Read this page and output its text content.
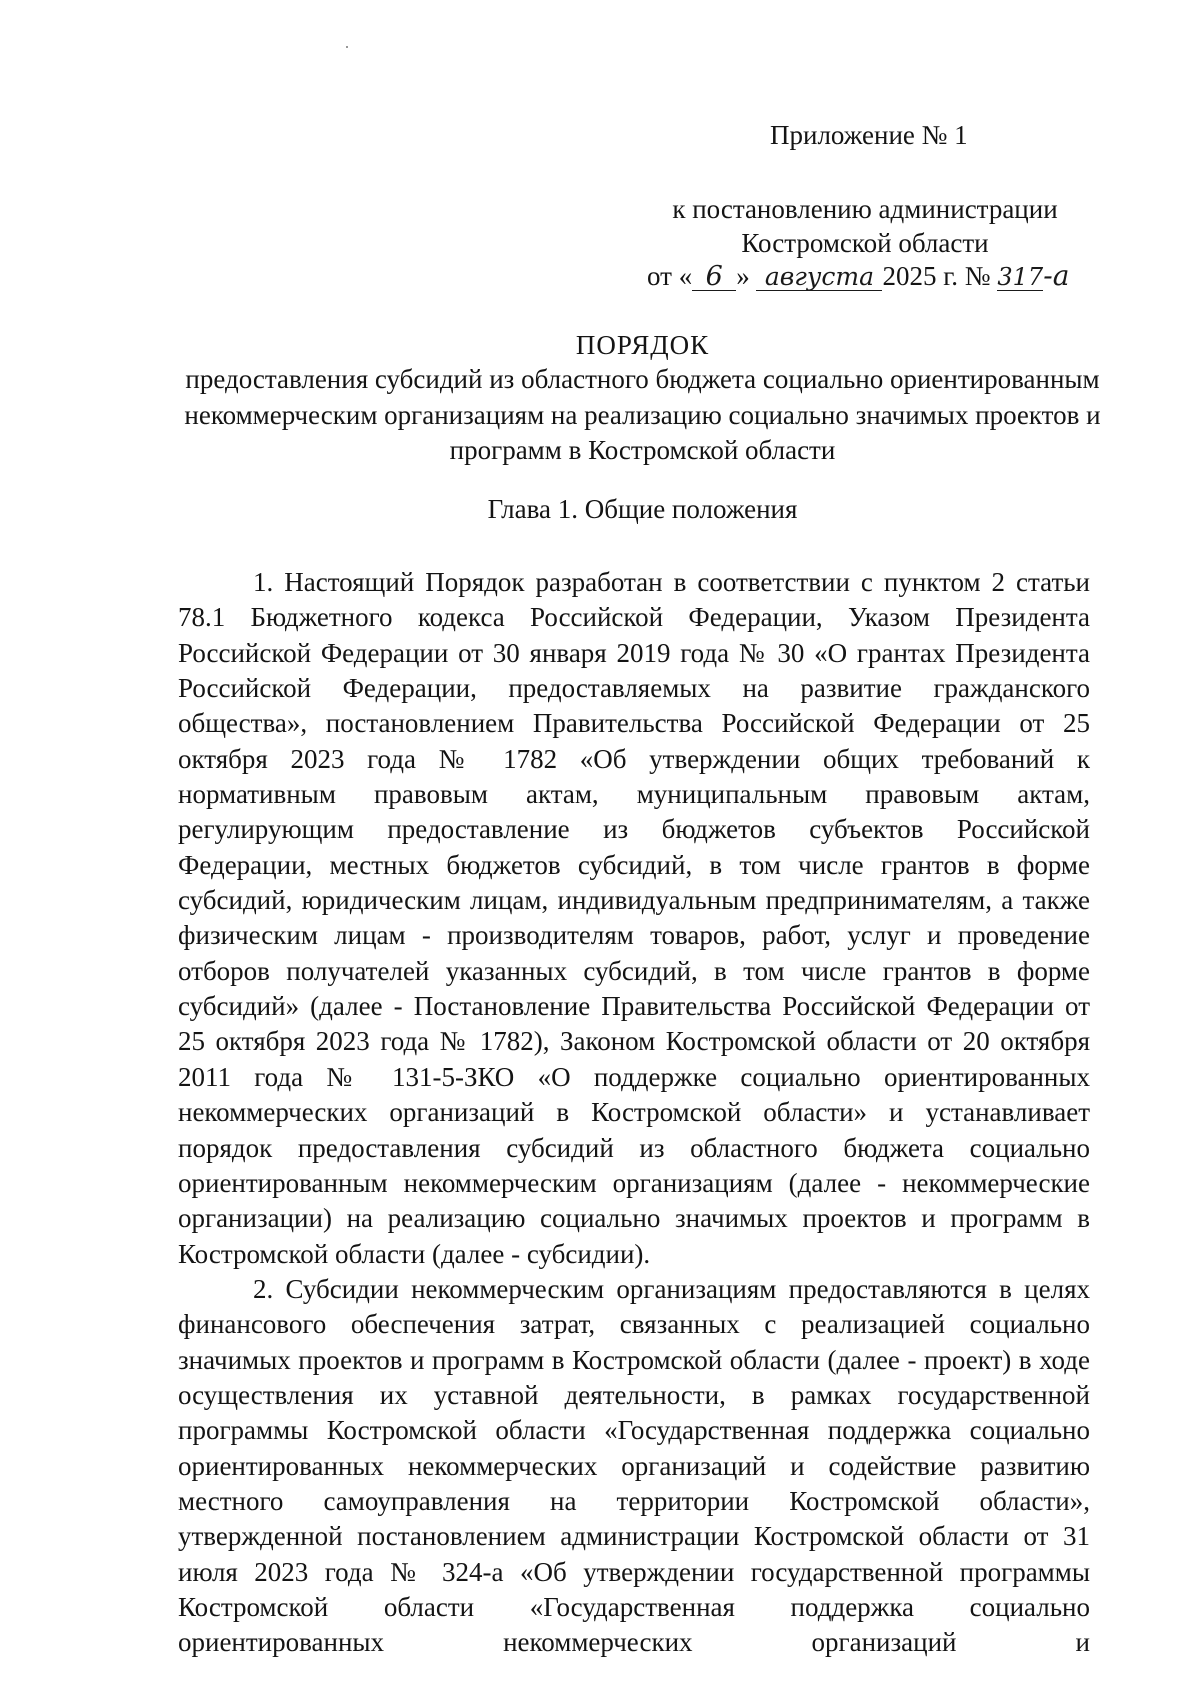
Приложение № 1
к постановлению администрации
Костромской области
от « 6 » августа 2025 г. № 317-а
ПОРЯДОК
предоставления субсидий из областного бюджета социально ориентированным некоммерческим организациям на реализацию социально значимых проектов и программ в Костромской области
Глава 1. Общие положения

1. Настоящий Порядок разработан в соответствии с пунктом 2 статьи 78.1 Бюджетного кодекса Российской Федерации, Указом Президента Российской Федерации от 30 января 2019 года № 30 «О грантах Президента Российской Федерации, предоставляемых на развитие гражданского общества», постановлением Правительства Российской Федерации от 25 октября 2023 года № 1782 «Об утверждении общих требований к нормативным правовым актам, муниципальным правовым актам, регулирующим предоставление из бюджетов субъектов Российской Федерации, местных бюджетов субсидий, в том числе грантов в форме субсидий, юридическим лицам, индивидуальным предпринимателям, а также физическим лицам - производителям товаров, работ, услуг и проведение отборов получателей указанных субсидий, в том числе грантов в форме субсидий» (далее - Постановление Правительства Российской Федерации от 25 октября 2023 года № 1782), Законом Костромской области от 20 октября 2011 года № 131-5-ЗКО «О поддержке социально ориентированных некоммерческих организаций в Костромской области» и устанавливает порядок предоставления субсидий из областного бюджета социально ориентированным некоммерческим организациям (далее - некоммерческие организации) на реализацию социально значимых проектов и программ в Костромской области (далее - субсидии).

2. Субсидии некоммерческим организациям предоставляются в целях финансового обеспечения затрат, связанных с реализацией социально значимых проектов и программ в Костромской области (далее - проект) в ходе осуществления их уставной деятельности, в рамках государственной программы Костромской области «Государственная поддержка социально ориентированных некоммерческих организаций и содействие развитию местного самоуправления на территории Костромской области», утвержденной постановлением администрации Костромской области от 31 июля 2023 года № 324-а «Об утверждении государственной программы Костромской области «Государственная поддержка социально ориентированных некоммерческих организаций и
